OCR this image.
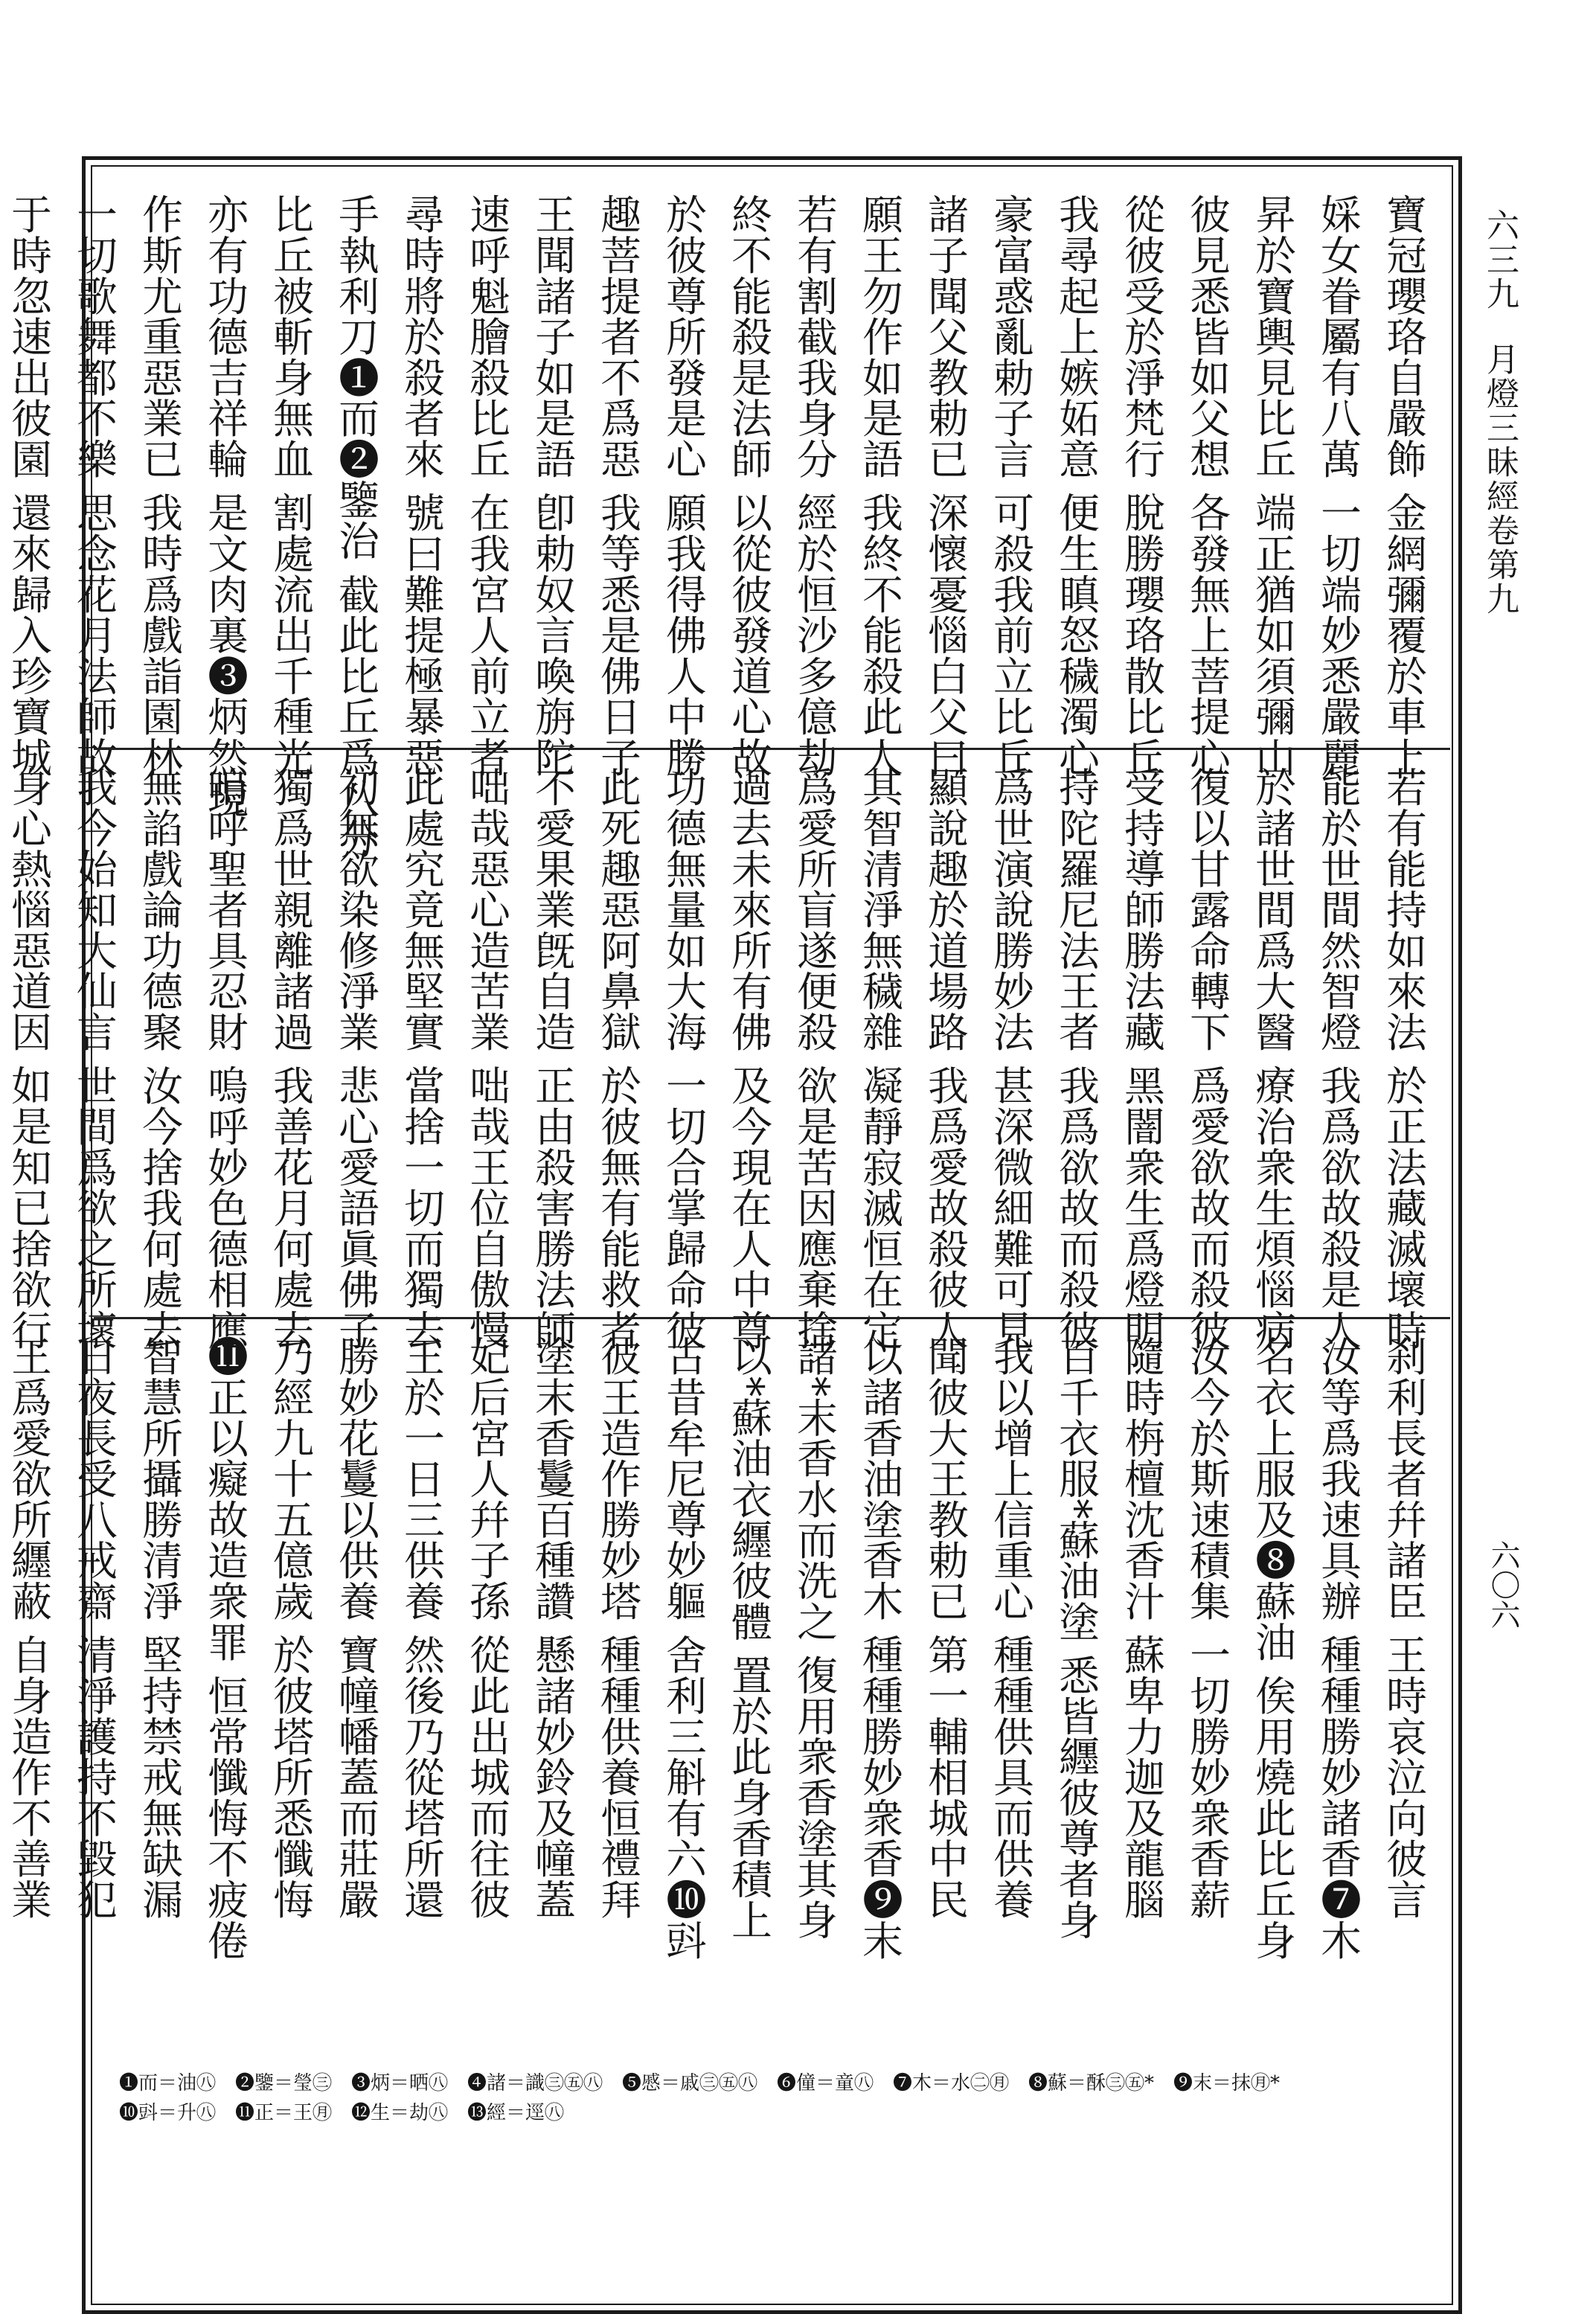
六三九
月燈三昧經卷第九
六〇六
寶冠瓔珞自嚴飾 金網彌覆於車上
婇女眷屬有八萬 一切端妙悉嚴麗
昇於寶輿見比丘 端正猶如須彌山
彼見悉皆如父想 各發無上菩提心
從彼受於淨梵行 脫勝瓔珞散比丘
我尋起上嫉妬意 便生瞋怒穢濁心
豪富惑亂勅子言 可殺我前立比丘
諸子聞父教勅已 深懷憂惱白父曰
願王勿作如是語 我終不能殺此人
若有割截我身分 經於恒沙多億劫
終不能殺是法師 以從彼發道心故
於彼尊所發是心 願我得佛人中勝
趣菩提者不爲惡 我等悉是佛日子
王聞諸子如是語 卽勅奴言喚旃陀
速呼魁膾殺比丘 在我宮人前立者
尋時將於殺者來 號曰難提極暴惡
手執利刀❶而❷鑒治 截此比丘爲八分
比丘被斬身無血 割處流出千種光
亦有功德吉祥輪 是文肉裏❸炳然現
作斯尤重惡業已 我時爲戲詣園林
一切歌舞都不樂 思念花月法師故
于時忽速出彼園 還來歸入珍寶城
若有能持如來法 於正法藏滅壞時
能於世間然智燈 我爲欲故殺是人
於諸世間爲大醫 療治衆生煩惱病
復以甘露命轉下 爲愛欲故而殺彼
受持導師勝法藏 黑闇衆生爲燈明
持陀羅尼法王者 我爲欲故而殺彼
爲世演說勝妙法 甚深微細難可見
顯說趣於道場路 我爲愛故殺彼人
其智清淨無穢雜 凝靜寂滅恒在定
爲愛所盲遂便殺 欲是苦因應棄捨
過去未來所有佛 及今現在人中尊
功德無量如大海 一切合掌歸命彼
此死趣惡阿鼻獄 於彼無有能救者
不愛果業旣自造 正由殺害勝法師
咄哉惡心造苦業 咄哉王位自傲慢
此處究竟無堅實 當捨一切而獨去
初無欲染修淨業 悲心愛語眞佛子
獨爲世親離諸過 我善花月何處去
嗚呼聖者具忍財 嗚呼妙色德相應
無諂戲論功德聚 汝今捨我何處去
我今始知大仙言 世間爲欲之所壞
身心熱惱惡道因 如是知已捨欲行
刹利長者幷諸臣 王時哀泣向彼言
汝等爲我速具辦 種種勝妙諸香❼木
名衣上服及❽蘇油 俟用燒此比丘身
汝今於斯速積集 一切勝妙衆香薪
隨時栴檀沈香汁 蘇卑力迦及龍腦
百千衣服*蘇油塗 悉皆纒彼尊者身
我以增上信重心 種種供具而供養
聞彼大王教勅已 第一輔相城中民
以諸香油塗香木 種種勝妙衆香❾末
諸*末香水而洗之 復用衆香塗其身
以*蘇油衣纒彼體 置於此身香積上
古昔牟尼尊妙軀 舍利三斛有六❿㪷
彼王造作勝妙塔 種種供養恒禮拜
塗末香鬘百種讚 懸諸妙鈴及幢蓋
妃后宮人幷子孫 從此出城而往彼
王於一日三供養 然後乃從塔所還
勝妙花鬘以供養 寶幢幡蓋而莊嚴
乃經九十五億歲 於彼塔所悉懺悔
⓫正以癡故造衆罪 恒常懺悔不疲倦
智慧所攝勝清淨 堅持禁戒無缺漏
日夜長受八戒齋 清淨護持不毀犯
王爲愛欲所纒蔽 自身造作不善業
❶而＝油㊇　❷鑒＝瑩㊂　❸炳＝晒㊇　❹諸＝識㊂㊄㊇　❺慼＝戚㊂㊄㊇　❻僮＝童㊇　❼木＝水㊁㊊　❽蘇＝酥㊂㊄*　❾末＝抹㊊*
❿㪷＝升㊇　⓫正＝王㊊　⓬生＝劫㊇　⓭經＝逕㊇
